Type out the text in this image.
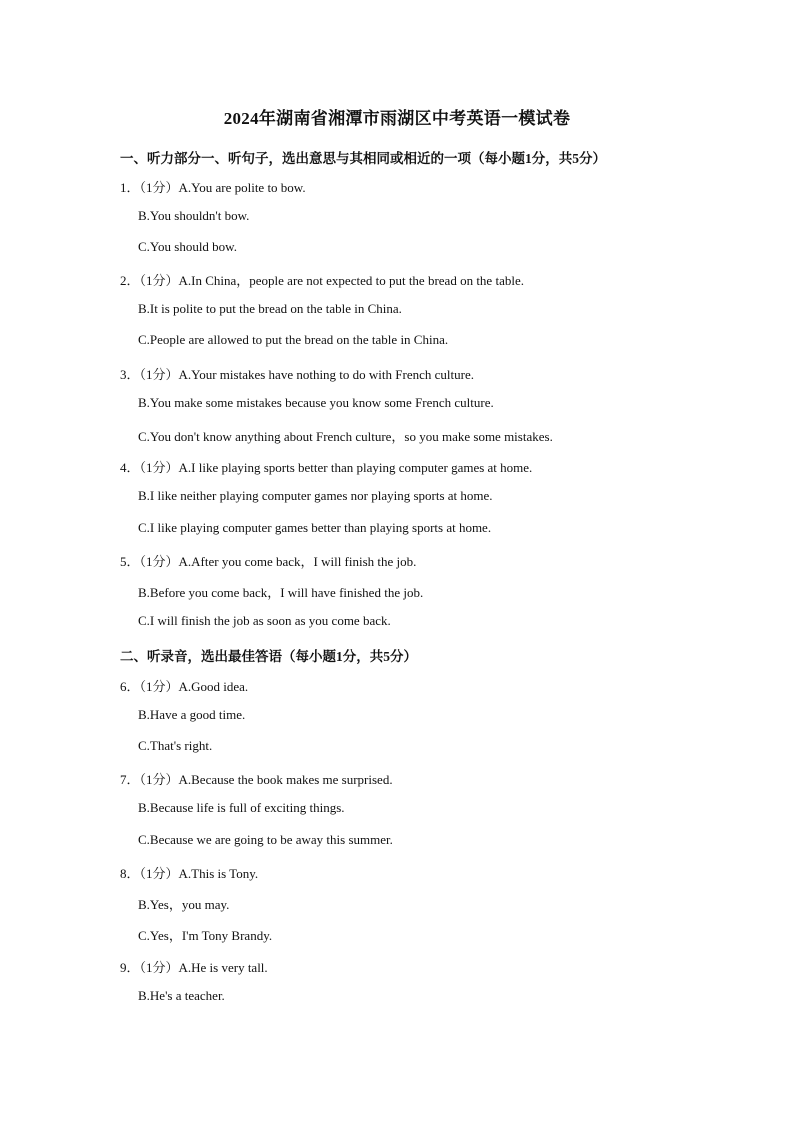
2024年湖南省湘潭市雨湖区中考英语一模试卷
一、听力部分一、听句子，选出意思与其相同或相近的一项（每小题1分，共5分）
1．（1分）A.You are polite to bow.
B.You shouldn't bow.
C.You should bow.
2．（1分）A.In China，people are not expected to put the bread on the table.
B.It is polite to put the bread on the table in China.
C.People are allowed to put the bread on the table in China.
3．（1分）A.Your mistakes have nothing to do with French culture.
B.You make some mistakes because you know some French culture.
C.You don't know anything about French culture，so you make some mistakes.
4．（1分）A.I like playing sports better than playing computer games at home.
B.I like neither playing computer games nor playing sports at home.
C.I like playing computer games better than playing sports at home.
5．（1分）A.After you come back，I will finish the job.
B.Before you come back，I will have finished the job.
C.I will finish the job as soon as you come back.
二、听录音，选出最佳答语（每小题1分，共5分）
6．（1分）A.Good idea.
B.Have a good time.
C.That's right.
7．（1分）A.Because the book makes me surprised.
B.Because life is full of exciting things.
C.Because we are going to be away this summer.
8．（1分）A.This is Tony.
B.Yes，you may.
C.Yes，I'm Tony Brandy.
9．（1分）A.He is very tall.
B.He's a teacher.
